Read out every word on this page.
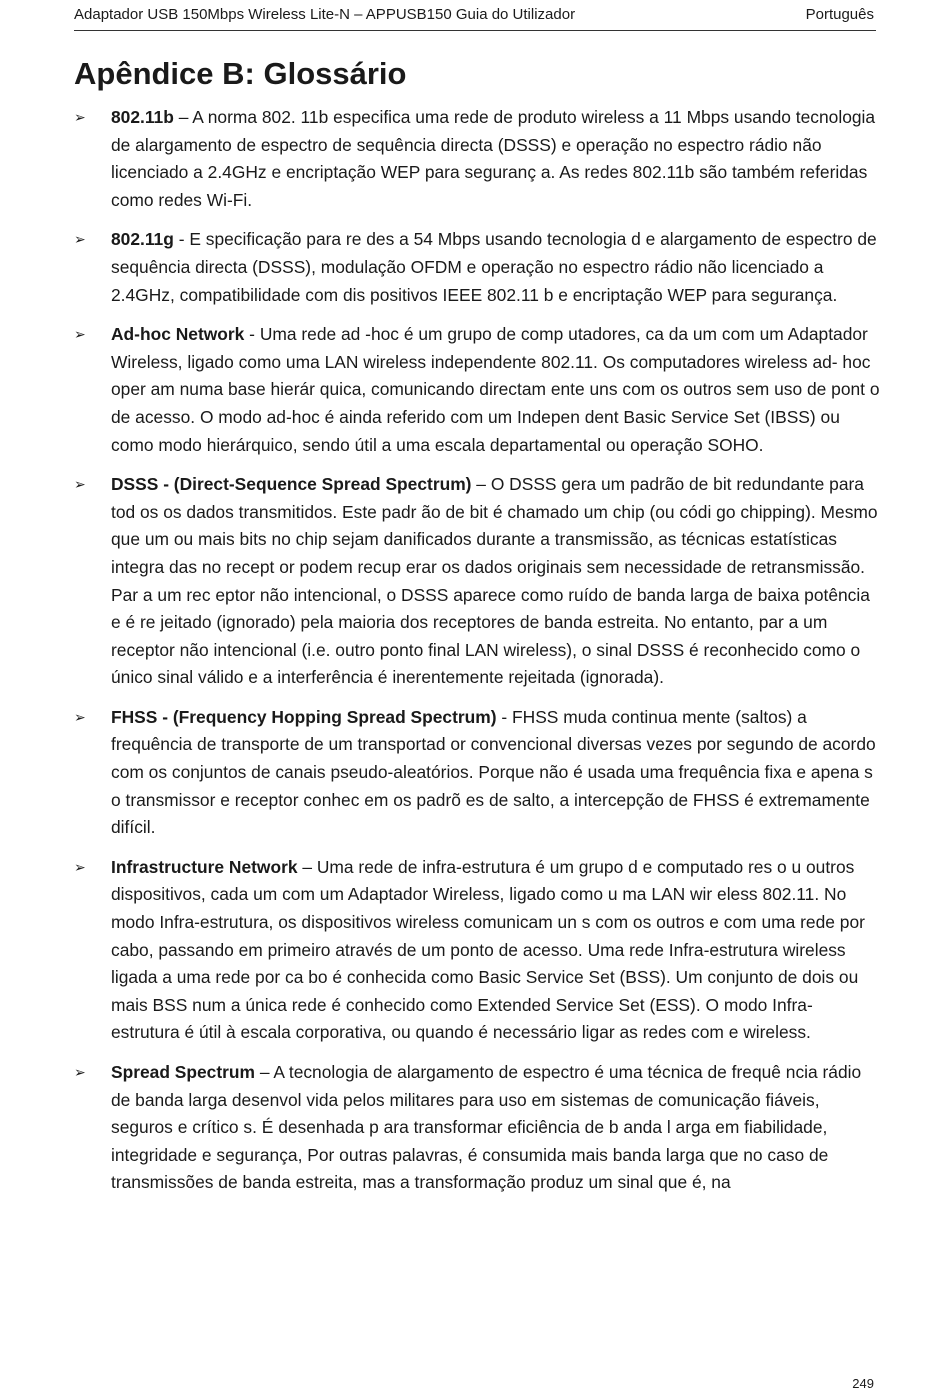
Adaptador USB 150Mbps Wireless Lite-N – APPUSB150 Guia do Utilizador	Português
Apêndice B: Glossário
➢ 802.11b – A norma 802. 11b especifica uma rede de produto wireless a 11 Mbps usando tecnologia de alargamento de espectro de sequência directa (DSSS) e operação no espectro rádio não licenciado a 2.4GHz e encriptação WEP para seguranç a. As redes 802.11b são também referidas como redes Wi-Fi.

➢ 802.11g - E specificação para re des a 54 Mbps usando tecnologia d e alargamento de espectro de sequência directa (DSSS), modulação OFDM e operação no espectro rádio não licenciado a 2.4GHz, compatibilidade com dis positivos IEEE 802.11 b e encriptação WEP para segurança.

➢ Ad-hoc Network - Uma rede ad -hoc é um grupo de comp utadores, ca da um com um Adaptador Wireless, ligado como uma LAN wireless independente 802.11. Os computadores wireless ad- hoc oper am numa base hierár quica, comunicando directam ente uns com os outros sem uso de pont o de acesso. O modo ad-hoc é ainda referido com um Indepen dent Basic Service Set (IBSS) ou como modo hierárquico, sendo útil a uma escala departamental ou operação SOHO.

➢ DSSS - (Direct-Sequence Spread Spectrum) – O DSSS gera um padrão de bit redundante para tod os os dados transmitidos. Este padr ão de bit é chamado um chip (ou códi go chipping). Mesmo que um ou mais bits no chip sejam danificados durante a transmissão, as técnicas estatísticas integra das no recept or podem recup erar os dados originais sem necessidade de retransmissão. Par a um rec eptor não intencional, o DSSS aparece como ruído de banda larga de baixa potência e é re jeitado (ignorado) pela maioria dos receptores de banda estreita. No entanto, par a um receptor não intencional (i.e. outro ponto final LAN wireless), o sinal DSSS é reconhecido como o único sinal válido e a interferência é inerentemente rejeitada (ignorada).

➢ FHSS - (Frequency Hopping Spread Spectrum) - FHSS muda continua mente (saltos) a frequência de transporte de um transportad or convencional diversas vezes por segundo de acordo com os conjuntos de canais pseudo-aleatórios. Porque não é usada uma frequência fixa e apena s o transmissor e receptor conhec em os padrõ es de salto, a intercepção de FHSS é extremamente difícil.

➢ Infrastructure Network – Uma rede de infra-estrutura é um grupo d e computado res o u outros dispositivos, cada um com um Adaptador Wireless, ligado como u ma LAN wir eless 802.11. No modo Infra-estrutura, os dispositivos wireless comunicam un s com os outros e com uma rede por cabo, passando em primeiro através de um ponto de acesso. Uma rede Infra-estrutura wireless ligada a uma rede por ca bo é conhecida como Basic Service Set (BSS). Um conjunto de dois ou mais BSS num a única rede é conhecido como Extended Service Set (ESS). O modo Infra-estrutura é útil à escala corporativa, ou quando é necessário ligar as redes com e wireless.

➢ Spread Spectrum – A tecnologia de alargamento de espectro é uma técnica de frequê ncia rádio de banda larga desenvol vida pelos militares para uso em sistemas de comunicação fiáveis, seguros e crítico s. É desenhada p ara transformar eficiência de b anda l arga em fiabilidade, integridade e segurança, Por outras palavras, é consumida mais banda larga que no caso de transmissões de banda estreita, mas a transformação produz um sinal que é, na

249
